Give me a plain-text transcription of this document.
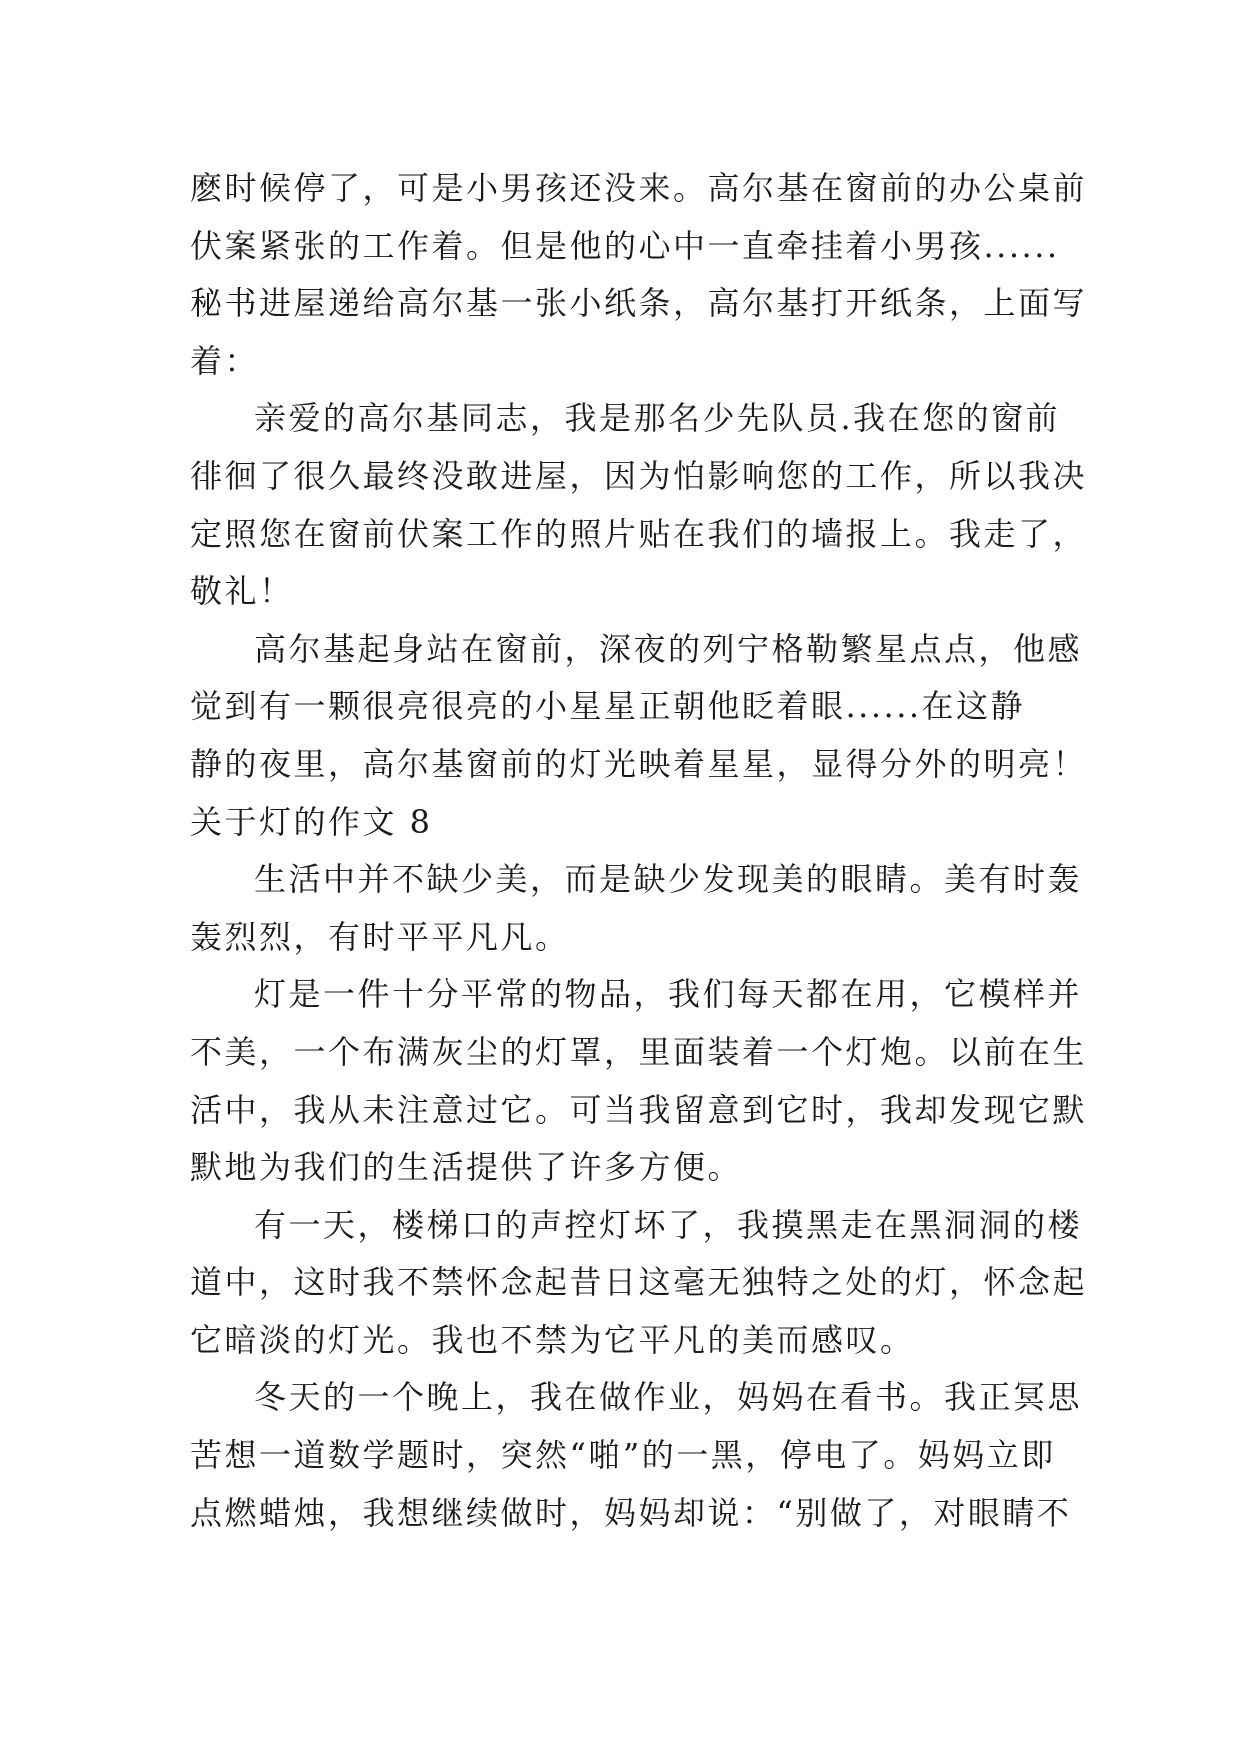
麽时候停了，可是小男孩还没来。高尔基在窗前的办公桌前
伏案紧张的工作着。但是他的心中一直牵挂着小男孩......
秘书进屋递给高尔基一张小纸条，高尔基打开纸条，上面写
着：
亲爱的高尔基同志，我是那名少先队员.我在您的窗前
徘徊了很久最终没敢进屋，因为怕影响您的工作，所以我决
定照您在窗前伏案工作的照片贴在我们的墙报上。我走了，
敬礼！
高尔基起身站在窗前，深夜的列宁格勒繁星点点，他感
觉到有一颗很亮很亮的小星星正朝他眨着眼......在这静
静的夜里，高尔基窗前的灯光映着星星，显得分外的明亮！
关于灯的作文 8
生活中并不缺少美，而是缺少发现美的眼睛。美有时轰
轰烈烈，有时平平凡凡。
灯是一件十分平常的物品，我们每天都在用，它模样并
不美，一个布满灰尘的灯罩，里面装着一个灯炮。以前在生
活中，我从未注意过它。可当我留意到它时，我却发现它默
默地为我们的生活提供了许多方便。
有一天，楼梯口的声控灯坏了，我摸黑走在黑洞洞的楼
道中，这时我不禁怀念起昔日这毫无独特之处的灯，怀念起
它暗淡的灯光。我也不禁为它平凡的美而感叹。
冬天的一个晚上，我在做作业，妈妈在看书。我正冥思
苦想一道数学题时，突然“啪”的一黑，停电了。妈妈立即
点燃蜡烛，我想继续做时，妈妈却说：“别做了，对眼睛不
